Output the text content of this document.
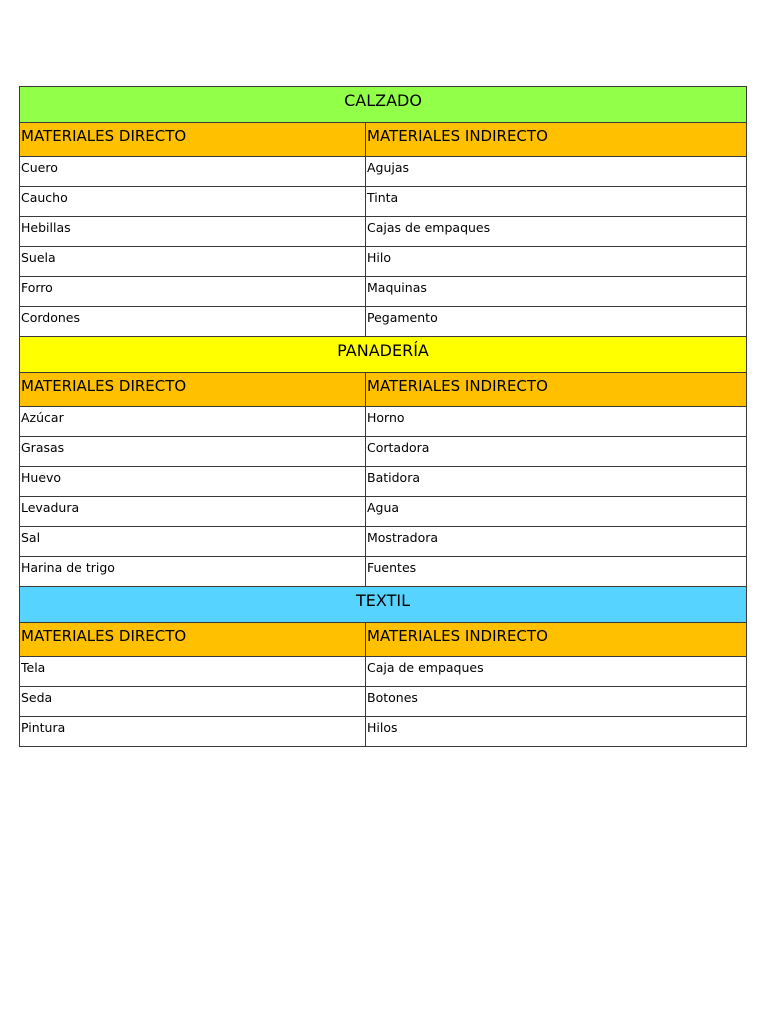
CALZADO	
MATERIALES DIRECTO	MATERIALES INDIRECTO
Cuero	Agujas
Caucho	Tinta
Hebillas	Cajas de empaques
Suela	Hilo
Forro	Maquinas
Cordones	Pegamento
PANADERÍA	
MATERIALES DIRECTO	MATERIALES INDIRECTO
Azúcar	Horno
Grasas	Cortadora
Huevo	Batidora
Levadura	Agua
Sal	Mostradora
Harina de trigo	Fuentes
TEXTIL	
MATERIALES DIRECTO	MATERIALES INDIRECTO
Tela	Caja de empaques
Seda	Botones
Pintura	Hilos
